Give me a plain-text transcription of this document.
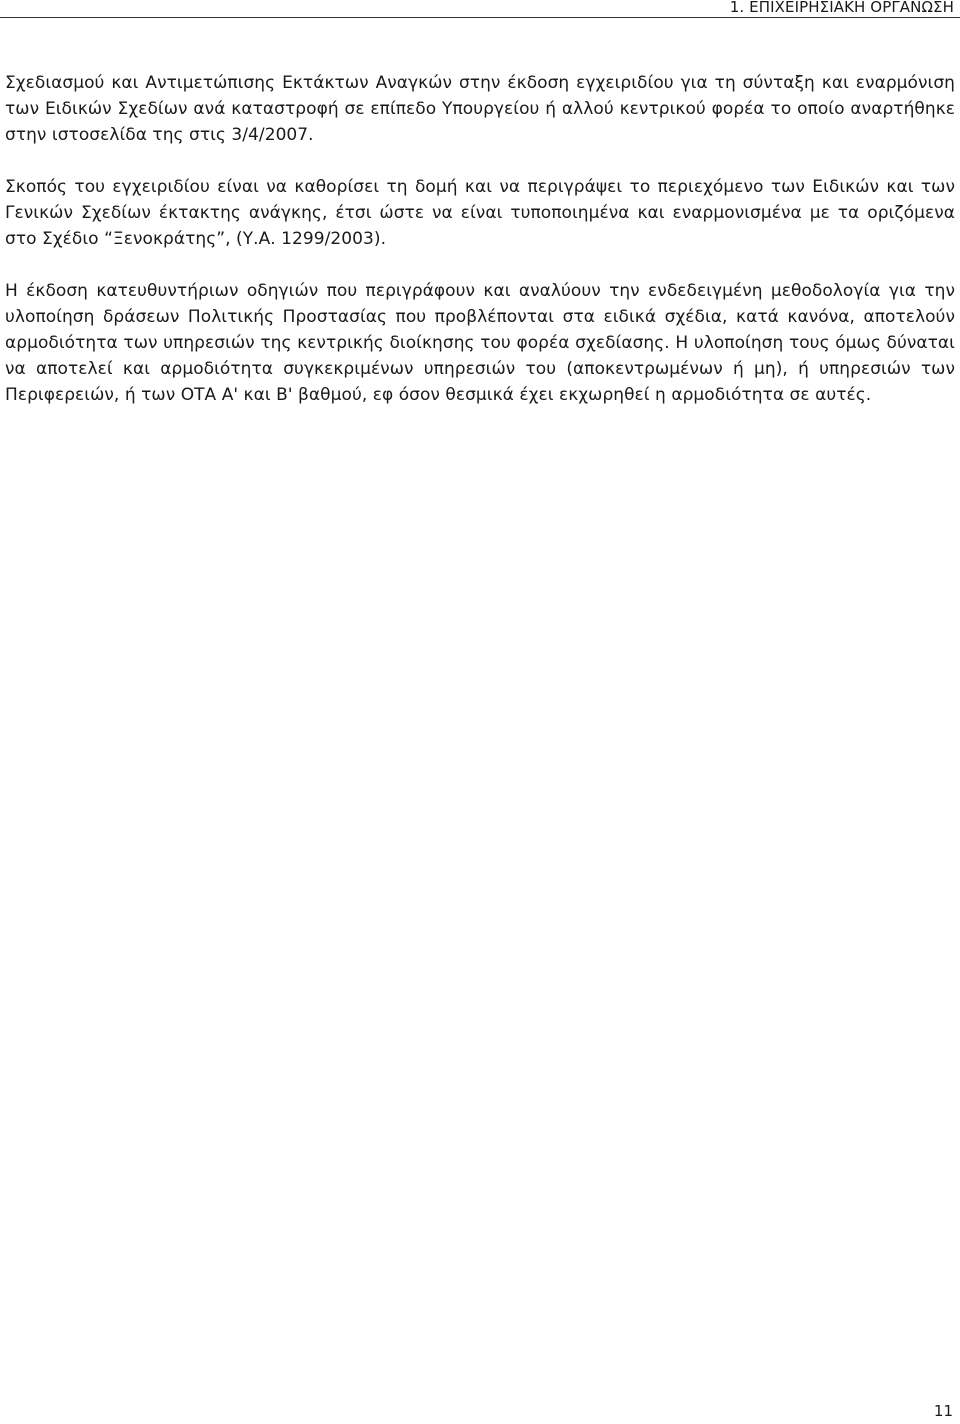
1. ΕΠΙΧΕΙΡΗΣΙΑΚΗ ΟΡΓΑΝΩΣΗ

Σχεδιασμού και Αντιμετώπισης Εκτάκτων Αναγκών στην έκδοση εγχειριδίου για τη σύνταξη και εναρμόνιση των Ειδικών Σχεδίων ανά καταστροφή σε επίπεδο Υπουργείου ή αλλού κεντρικού φορέα το οποίο αναρτήθηκε στην ιστοσελίδα της στις 3/4/2007.

Σκοπός του εγχειριδίου είναι να καθορίσει τη δομή και να περιγράψει το περιεχόμενο των Ειδικών και των Γενικών Σχεδίων έκτακτης ανάγκης, έτσι ώστε να είναι τυποποιημένα και εναρμονισμένα με τα οριζόμενα στο Σχέδιο “Ξενοκράτης”, (Υ.Α. 1299/2003).

Η έκδοση κατευθυντήριων οδηγιών που περιγράφουν και αναλύουν την ενδεδειγμένη μεθοδολογία για την υλοποίηση δράσεων Πολιτικής Προστασίας που προβλέπονται στα ειδικά σχέδια, κατά κανόνα, αποτελούν αρμοδιότητα των υπηρεσιών της κεντρικής διοίκησης του φορέα σχεδίασης. Η υλοποίηση τους όμως δύναται να αποτελεί και αρμοδιότητα συγκεκριμένων υπηρεσιών του (αποκεντρωμένων ή μη), ή υπηρεσιών των Περιφερειών, ή των ΟΤΑ Α' και Β' βαθμού, εφ όσον θεσμικά έχει εκχωρηθεί η αρμοδιότητα σε αυτές.

11
